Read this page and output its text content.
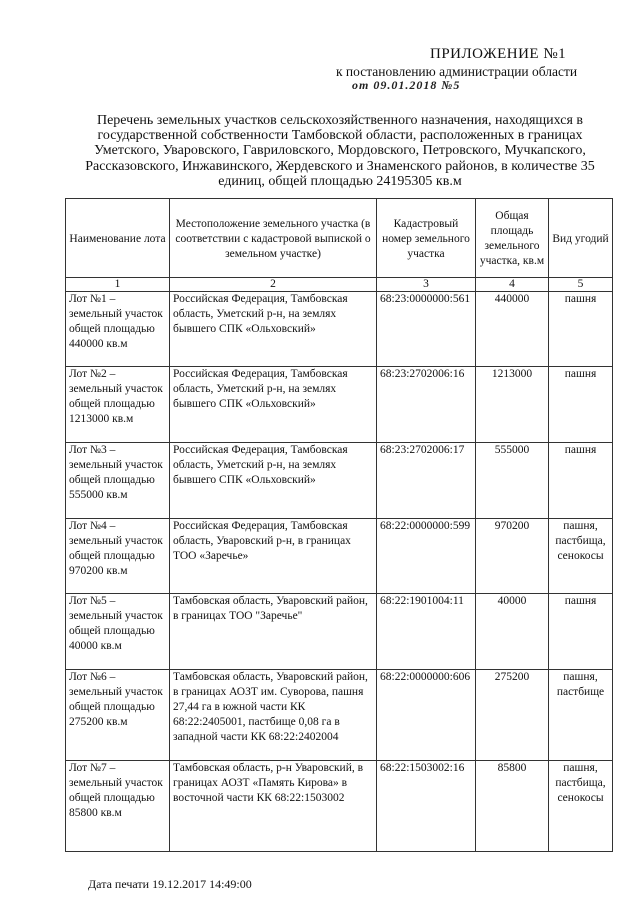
ПРИЛОЖЕНИЕ №1
к постановлению администрации области
от 09.01.2018 №5
Перечень земельных участков сельскохозяйственного назначения, находящихся в государственной собственности Тамбовской области, расположенных в границах Уметского, Уваровского, Гавриловского, Мордовского, Петровского, Мучкапского, Рассказовского, Инжавинского, Жердевского и Знаменского районов, в количестве 35 единиц, общей площадью 24195305 кв.м
Наименование лота	Местоположение земельного участка (в соответствии с кадастровой выпиской о земельном участке)	Кадастровый номер земельного участка	Общая площадь земельного участка, кв.м	Вид угодий
1	2	3	4	5
Лот №1 – земельный участок общей площадью 440000 кв.м	Российская Федерация, Тамбовская область, Уметский р-н, на землях бывшего СПК «Ольховский»	68:23:0000000:561	440000	пашня
Лот №2 – земельный участок общей площадью 1213000 кв.м	Российская Федерация, Тамбовская область, Уметский р-н, на землях бывшего СПК «Ольховский»	68:23:2702006:16	1213000	пашня
Лот №3 – земельный участок общей площадью 555000 кв.м	Российская Федерация, Тамбовская область, Уметский р-н, на землях бывшего СПК «Ольховский»	68:23:2702006:17	555000	пашня
Лот №4 – земельный участок общей площадью 970200 кв.м	Российская Федерация, Тамбовская область, Уваровский р-н, в границах ТОО «Заречье»	68:22:0000000:599	970200	пашня, пастбища, сенокосы
Лот №5 – земельный участок общей площадью 40000 кв.м	Тамбовская область, Уваровский район, в границах ТОО "Заречье"	68:22:1901004:11	40000	пашня
Лот №6 – земельный участок общей площадью 275200 кв.м	Тамбовская область, Уваровский район, в границах АОЗТ им. Суворова, пашня 27,44 га в южной части КК 68:22:2405001, пастбище 0,08 га в западной части КК 68:22:2402004	68:22:0000000:606	275200	пашня, пастбище
Лот №7 – земельный участок общей площадью 85800 кв.м	Тамбовская область, р-н Уваровский, в границах АОЗТ «Память Кирова» в восточной части КК 68:22:1503002	68:22:1503002:16	85800	пашня, пастбища, сенокосы
Дата печати 19.12.2017 14:49:00
